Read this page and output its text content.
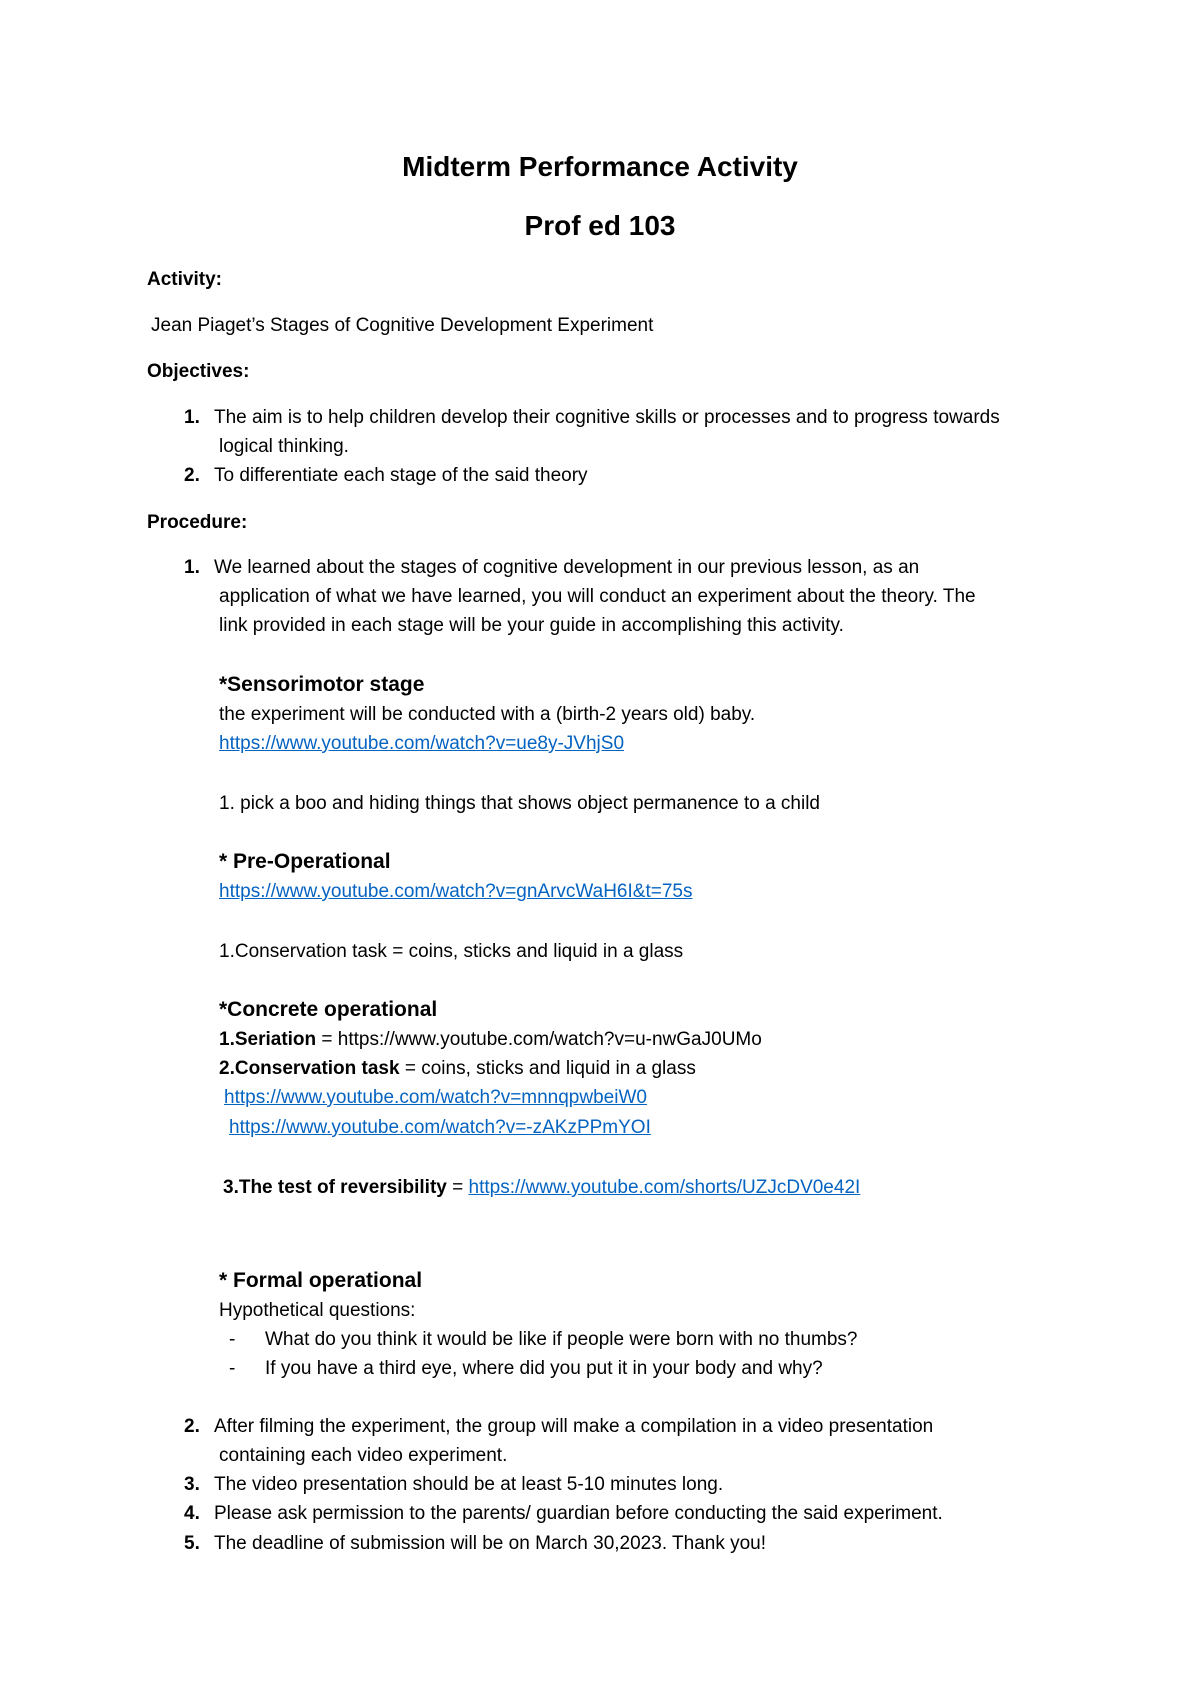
Midterm Performance Activity
Prof ed 103
Activity:
Jean Piaget’s Stages of Cognitive Development Experiment
Objectives:
1. The aim is to help children develop their cognitive skills or processes and to progress towards
logical thinking.
2. To differentiate each stage of the said theory
Procedure:
1. We learned about the stages of cognitive development in our previous lesson, as an
application of what we have learned, you will conduct an experiment about the theory. The
link provided in each stage will be your guide in accomplishing this activity.
*Sensorimotor stage
the experiment will be conducted with a (birth-2 years old) baby.
https://www.youtube.com/watch?v=ue8y-JVhjS0
1. pick a boo and hiding things that shows object permanence to a child
* Pre-Operational
https://www.youtube.com/watch?v=gnArvcWaH6I&t=75s
1.Conservation task = coins, sticks and liquid in a glass
*Concrete operational
1.Seriation = https://www.youtube.com/watch?v=u-nwGaJ0UMo
2.Conservation task = coins, sticks and liquid in a glass
https://www.youtube.com/watch?v=mnnqpwbeiW0
https://www.youtube.com/watch?v=-zAKzPPmYOI
3.The test of reversibility = https://www.youtube.com/shorts/UZJcDV0e42I
* Formal operational
Hypothetical questions:
- What do you think it would be like if people were born with no thumbs?
- If you have a third eye, where did you put it in your body and why?
2. After filming the experiment, the group will make a compilation in a video presentation
containing each video experiment.
3. The video presentation should be at least 5-10 minutes long.
4. Please ask permission to the parents/ guardian before conducting the said experiment.
5. The deadline of submission will be on March 30,2023. Thank you!
